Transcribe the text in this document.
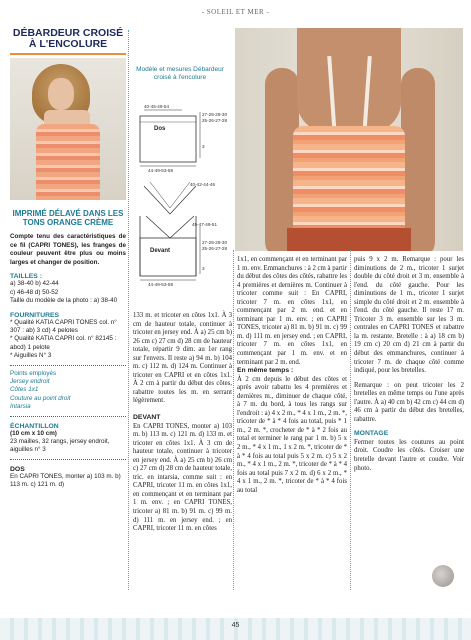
- SOLEIL ET MER -
DÉBARDEUR CROISÉ À L'ENCOLURE
IMPRIMÉ DÉLAVÉ DANS LES TONS ORANGE CRÈME
Compte tenu des caractéristiques de ce fil (CAPRI TONES), les franges de couleur peuvent être plus ou moins larges et changer de position.
TAILLES :
a) 38-40 b) 42-44
c) 46-48 d) 50-52
Taille du modèle de la photo : a) 38-40
FOURNITURES
* Qualité KATIA CAPRI TONES col. n° 307 : ab) 3 cd) 4 pelotes
* Qualité KATIA CAPRI col. n° 82145 : abcd) 1 pelote
* Aiguilles N° 3
Points employés
Jersey endroit
Côtes 1x1
Couture au point droit
Intarsia
ÉCHANTILLON
(10 cm x 10 cm)
23 mailles, 32 rangs, jersey endroit, aiguilles n° 3
DOS
En CAPRI TONES, monter a) 103 m. b) 113 m. c) 121 m. d)
Modèle et mesures Débardeur croisé à l'encolure
40-45-49-54
27-28-29-30
25-26-27-28
Dos
3
44-49-53-58
40-42-44-46
45-47-49-51
Devant
27-28-29-30
25-26-27-28
3
44-49-53-58
133 m. et tricoter en côtes 1x1. À 3 cm de hauteur totale, continuer à tricoter en jersey end. À a) 25 cm b) 26 cm c) 27 cm d) 28 cm de hauteur totale, répartir 9 dim. au 1er rang sur l'envers. Il reste a) 94 m. b) 104 m. c) 112 m. d) 124 m. Continuer à tricoter en CAPRI et en côtes 1x1. À 2 cm à partir du début des côtes, rabattre toutes les m. en serrant légèrement.
DEVANT
En CAPRI TONES, monter a) 103 m. b) 113 m. c) 121 m. d) 133 m. et tricoter en côtes 1x1. À 3 cm de hauteur totale, continuer à tricoter en jersey end. À a) 25 cm b) 26 cm c) 27 cm d) 28 cm de hauteur totale, tric. en intarsia, comme suit : en CAPRI, tricoter 11 m. en côtes 1x1, en commençant et en terminant par 1 m. env. ; en CAPRI TONES, tricoter a) 81 m. b) 91 m. c) 99 m. d) 111 m. en jersey end. ; en CAPRI, tricoter 11 m. en côtes
1x1, en commençant et en terminant par 1 m. env. Emmanchures : à 2 cm à partir du début des côtes des côtés, rabattre les 4 premières et dernières m. Continuer à tricoter comme suit : En CAPRI, tricoter 7 m. en côtes 1x1, en commençant par 2 m. end. et en terminant par 1 m. env. ; en CAPRI TONES, tricoter a) 81 m. b) 91 m. c) 99 m. d) 111 m. en jersey end. ; en CAPRI, tricoter 7 m. en côtes 1x1, en commençant par 1 m. env. et en terminant par 2 m. end.
En même temps :
À 2 cm depuis le début des côtes et après avoir rabattu les 4 premières et dernières m., diminuer de chaque côté, à 7 m. du bord, à tous les rangs sur l'endroit : a) 4 x 2 m., * 4 x 1 m., 2 m. *, tricoter de * à * 4 fois au total, puis * 1 m., 2 m. *, crocheter de * à * 2 fois au total et terminer le rang par 1 m. b) 5 x 2 m., * 4 x 1 m., 1 x 2 m. *, tricoter de * à * 4 fois au total puis 5 x 2 m. c) 5 x 2 m., * 4 x 1 m., 2 m. *, tricoter de * à * 4 fois au total puis 7 x 2 m. d) 6 x 2 m., * 4 x 1 m., 2 m. *, tricoter de * à * 4 fois au total
puis 9 x 2 m. Remarque : pour les diminutions de 2 m., tricoter 1 surjet double du côté droit et 3 m. ensemble à l'end. du côté gauche. Pour les diminutions de 1 m., tricoter 1 surjet simple du côté droit et 2 m. ensemble à l'end. du côté gauche. Il reste 17 m. Tricoter 3 m. ensemble sur les 3 m. centrales en CAPRI TONES et rabattre la m. restante. Bretelle : à a) 18 cm b) 19 cm c) 20 cm d) 21 cm à partir du début des emmanchures, continuer à tricoter 7 m. de chaque côté comme indiqué, pour les bretelles.
Remarque : on peut tricoter les 2 bretelles en même temps ou l'une après l'autre. À a) 40 cm b) 42 cm c) 44 cm d) 46 cm à partir du début des bretelles, rabattre.
MONTAGE
Fermer toutes les coutures au point droit. Coudre les côtés. Croiser une bretelle devant l'autre et coudre. Voir photo.
45
